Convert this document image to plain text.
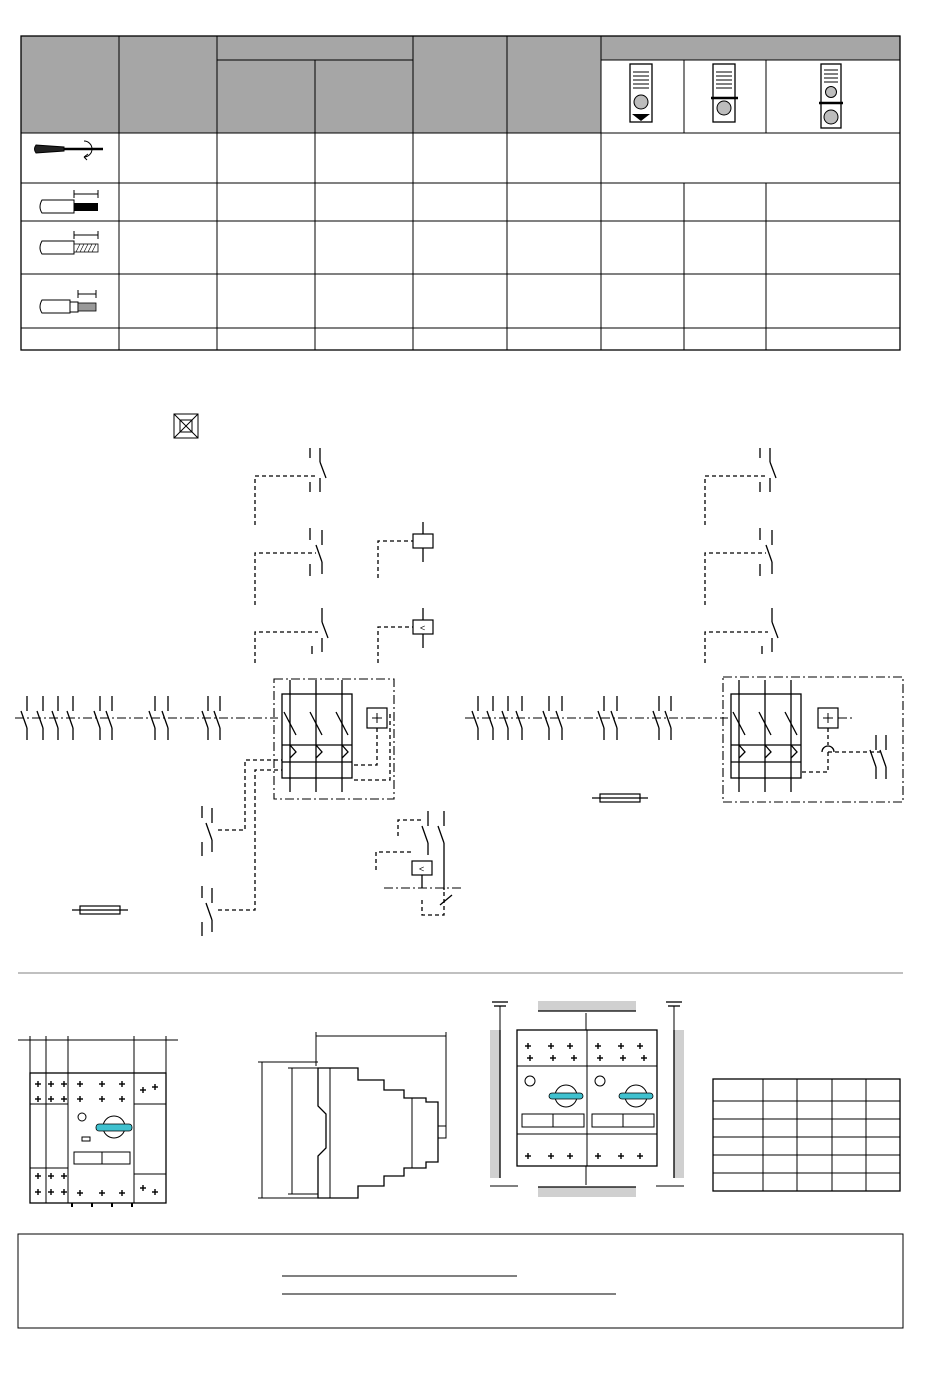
<
<
